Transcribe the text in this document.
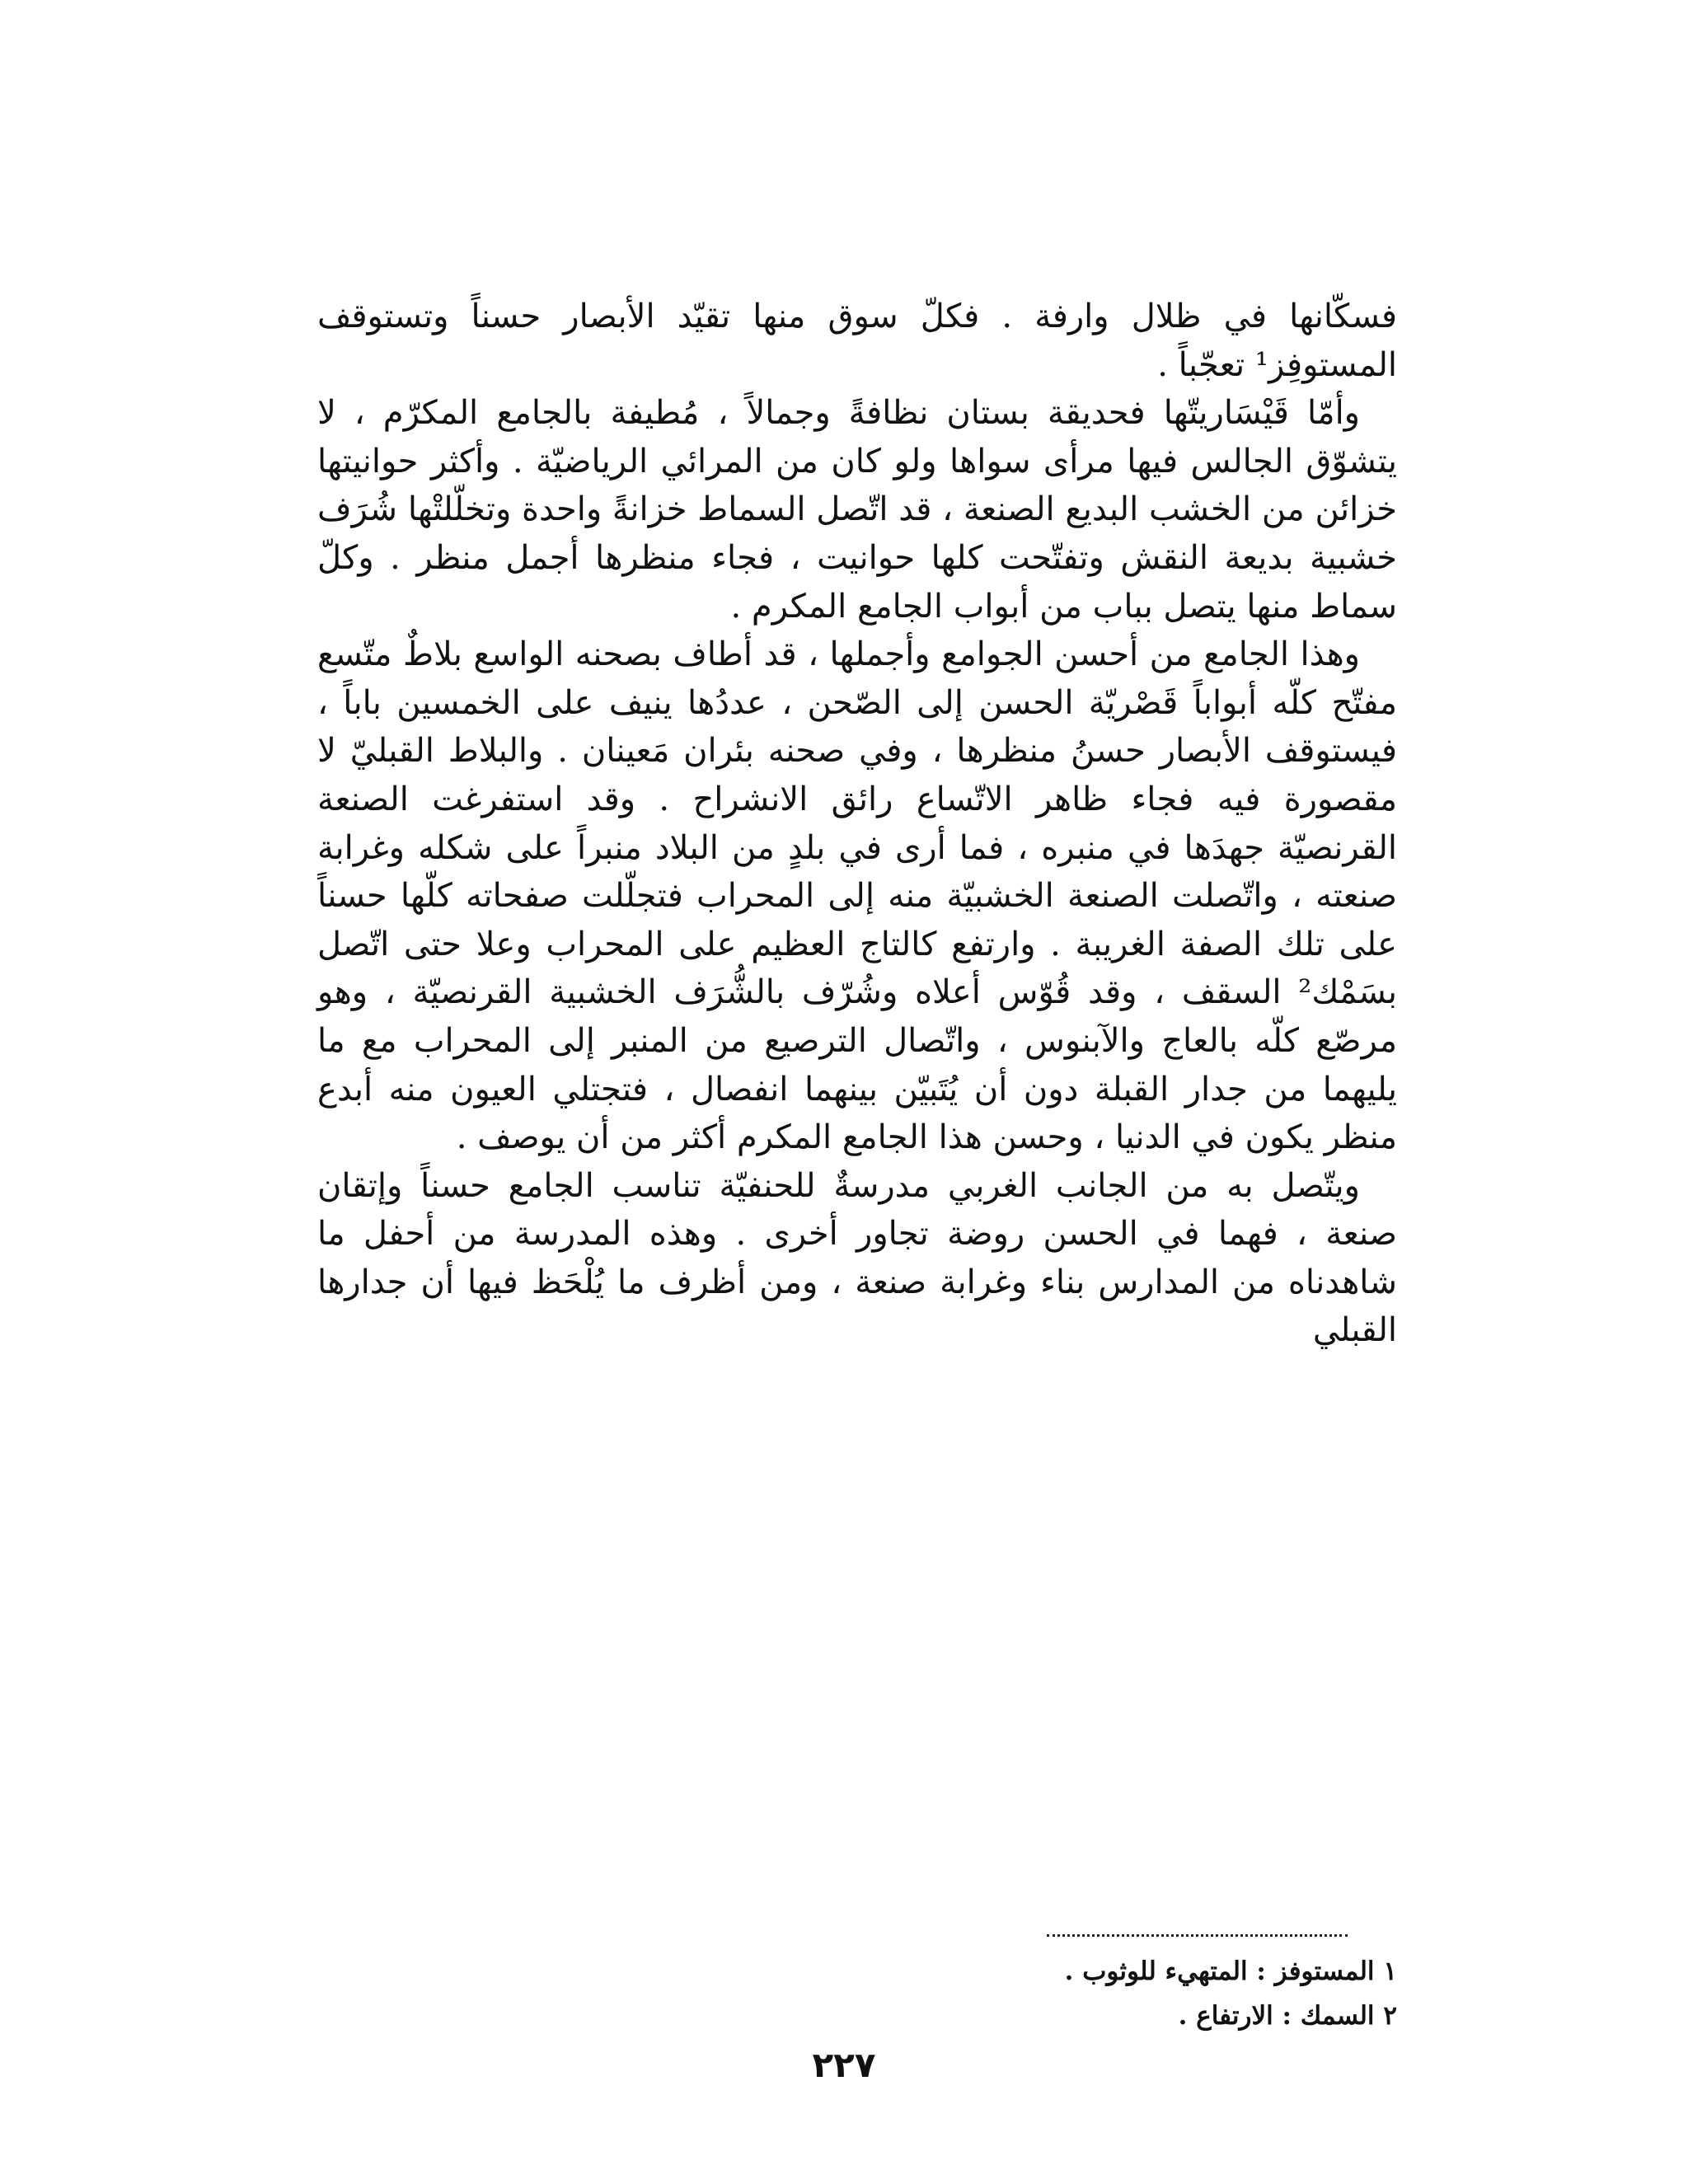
فسكّانها في ظلال وارفة . فكلّ سوق منها تقيّد الأبصار حسناً وتستوقف المستوفِز¹ تعجّباً .

وأمّا قَيْسَاريتّها فحديقة بستان نظافةً وجمالاً ، مُطيفة بالجامع المكرّم ، لا يتشوّق الجالس فيها مرأى سواها ولو كان من المرائي الرياضيّة . وأكثر حوانيتها خزائن من الخشب البديع الصنعة ، قد اتّصل السماط خزانةً واحدة وتخلّلتْها شُرَف خشبية بديعة النقش وتفتّحت كلها حوانيت ، فجاء منظرها أجمل منظر . وكلّ سماط منها يتصل بباب من أبواب الجامع المكرم .

وهذا الجامع من أحسن الجوامع وأجملها ، قد أطاف بصحنه الواسع بلاطٌ متّسع مفتّح كلّه أبواباً قَصْريّة الحسن إلى الصّحن ، عددُها ينيف على الخمسين باباً ، فيستوقف الأبصار حسنُ منظرها ، وفي صحنه بئران مَعينان . والبلاط القبليّ لا مقصورة فيه فجاء ظاهر الاتّساع رائق الانشراح . وقد استفرغت الصنعة القرنصيّة جهدَها في منبره ، فما أرى في بلدٍ من البلاد منبراً على شكله وغرابة صنعته ، واتّصلت الصنعة الخشبيّة منه إلى المحراب فتجلّلت صفحاته كلّها حسناً على تلك الصفة الغريبة . وارتفع كالتاج العظيم على المحراب وعلا حتى اتّصل بسَمْك² السقف ، وقد قُوّس أعلاه وشُرّف بالشُّرَف الخشبية القرنصيّة ، وهو مرصّع كلّه بالعاج والآبنوس ، واتّصال الترصيع من المنبر إلى المحراب مع ما يليهما من جدار القبلة دون أن يُتَبيّن بينهما انفصال ، فتجتلي العيون منه أبدع منظر يكون في الدنيا ، وحسن هذا الجامع المكرم أكثر من أن يوصف .

ويتّصل به من الجانب الغربي مدرسةٌ للحنفيّة تناسب الجامع حسناً وإتقان صنعة ، فهما في الحسن روضة تجاور أخرى . وهذه المدرسة من أحفل ما شاهدناه من المدارس بناء وغرابة صنعة ، ومن أظرف ما يُلْحَظ فيها أن جدارها القبلي

١ المستوفز : المتهيء للوثوب .
٢ السمك : الارتفاع .
٢٢٧
